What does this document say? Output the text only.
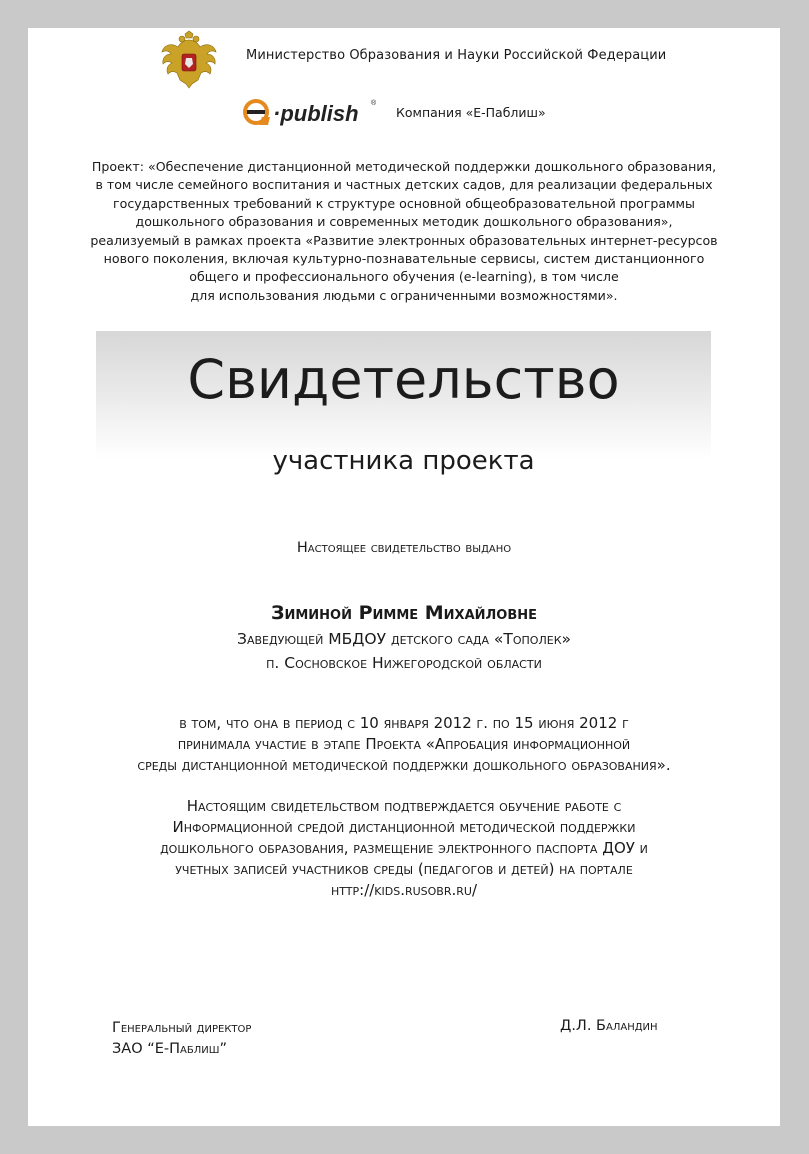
Министерство Образования и Науки Российской Федерации
·publish ®
Компания «Е-Паблиш»
Проект: «Обеспечение дистанционной методической поддержки дошкольного образования,
в том числе семейного воспитания и частных детских садов, для реализации федеральных
государственных требований к структуре основной общеобразовательной программы
дошкольного образования и современных методик дошкольного образования»,
реализуемый в рамках проекта «Развитие электронных образовательных интернет-ресурсов
нового поколения, включая культурно-познавательные сервисы, систем дистанционного
общего и профессионального обучения (e-learning), в том числе
для использования людьми с ограниченными возможностями».
Свидетельство
участника проекта
Настоящее свидетельство выдано
Зиминой Римме Михайловне
Заведующей МБДОУ детского сада «Тополек»
п. Сосновское Нижегородской области
в том, что она в период с 10 января 2012 г. по 15 июня 2012 г
принимала участие в этапе Проекта «Апробация информационной
среды дистанционной методической поддержки дошкольного образования».
Настоящим свидетельством подтверждается обучение работе с
Информационной средой дистанционной методической поддержки
дошкольного образования, размещение электронного паспорта ДОУ и
учетных записей участников среды (педагогов и детей) на портале
http://kids.rusobr.ru/
Генеральный директор
ЗАО “Е-Паблиш”
Д.Л. Баландин
